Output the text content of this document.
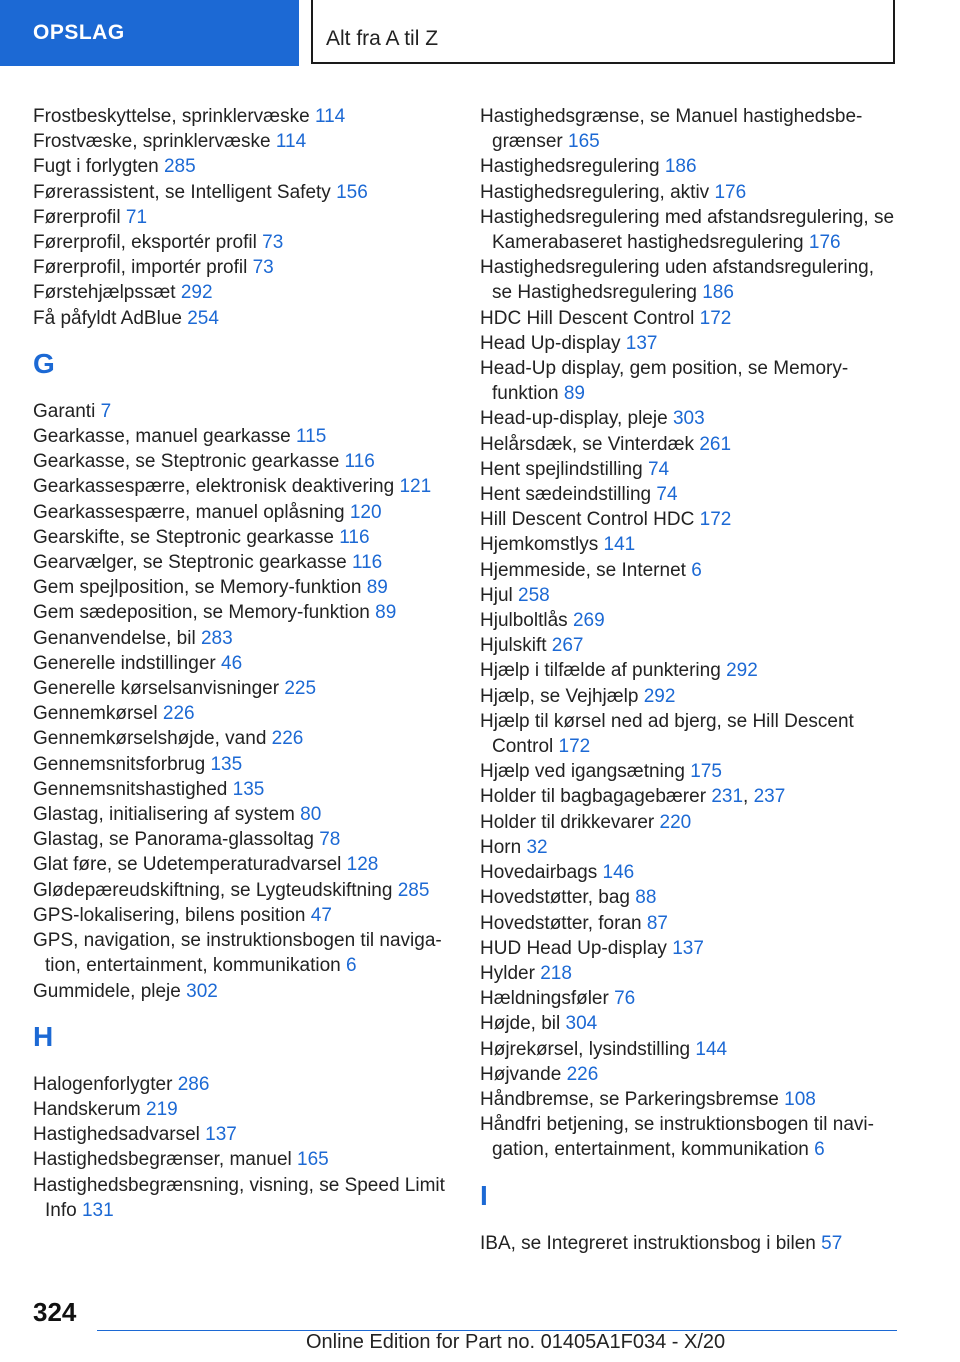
OPSLAG	Alt fra A til Z
Frostbeskyttelse, sprinklervæske 114
Frostvæske, sprinklervæske 114
Fugt i forlygten 285
Førerassistent, se Intelligent Safety 156
Førerprofil 71
Førerprofil, eksportér profil 73
Førerprofil, importér profil 73
Førstehjælpssæt 292
Få påfyldt AdBlue 254
G
Garanti 7
Gearkasse, manuel gearkasse 115
Gearkasse, se Steptronic gearkasse 116
Gearkassespærre, elektronisk deaktivering 121
Gearkassespærre, manuel oplåsning 120
Gearskifte, se Steptronic gearkasse 116
Gearvælger, se Steptronic gearkasse 116
Gem spejlposition, se Memory-funktion 89
Gem sædeposition, se Memory-funktion 89
Genanvendelse, bil 283
Generelle indstillinger 46
Generelle kørselsanvisninger 225
Gennemkørsel 226
Gennemkørselshøjde, vand 226
Gennemsnitsforbrug 135
Gennemsnitshastighed 135
Glastag, initialisering af system 80
Glastag, se Panorama-glassoltag 78
Glat føre, se Udetemperaturadvarsel 128
Glødepæreudskiftning, se Lygteudskiftning 285
GPS-lokalisering, bilens position 47
GPS, navigation, se instruktionsbogen til naviga-
tion, entertainment, kommunikation 6
Gummidele, pleje 302
H
Halogenforlygter 286
Handskerum 219
Hastighedsadvarsel 137
Hastighedsbegrænser, manuel 165
Hastighedsbegrænsning, visning, se Speed Limit
Info 131
Hastighedsgrænse, se Manuel hastighedsbe-
grænser 165
Hastighedsregulering 186
Hastighedsregulering, aktiv 176
Hastighedsregulering med afstandsregulering, se
Kamerabaseret hastighedsregulering 176
Hastighedsregulering uden afstandsregulering,
se Hastighedsregulering 186
HDC Hill Descent Control 172
Head Up-display 137
Head-Up display, gem position, se Memory-
funktion 89
Head-up-display, pleje 303
Helårsdæk, se Vinterdæk 261
Hent spejlindstilling 74
Hent sædeindstilling 74
Hill Descent Control HDC 172
Hjemkomstlys 141
Hjemmeside, se Internet 6
Hjul 258
Hjulboltlås 269
Hjulskift 267
Hjælp i tilfælde af punktering 292
Hjælp, se Vejhjælp 292
Hjælp til kørsel ned ad bjerg, se Hill Descent
Control 172
Hjælp ved igangsætning 175
Holder til bagbagagebærer 231, 237
Holder til drikkevarer 220
Horn 32
Hovedairbags 146
Hovedstøtter, bag 88
Hovedstøtter, foran 87
HUD Head Up-display 137
Hylder 218
Hældningsføler 76
Højde, bil 304
Højrekørsel, lysindstilling 144
Højvande 226
Håndbremse, se Parkeringsbremse 108
Håndfri betjening, se instruktionsbogen til navi-
gation, entertainment, kommunikation 6
I
IBA, se Integreret instruktionsbog i bilen 57
324
Online Edition for Part no. 01405A1F034 - X/20
